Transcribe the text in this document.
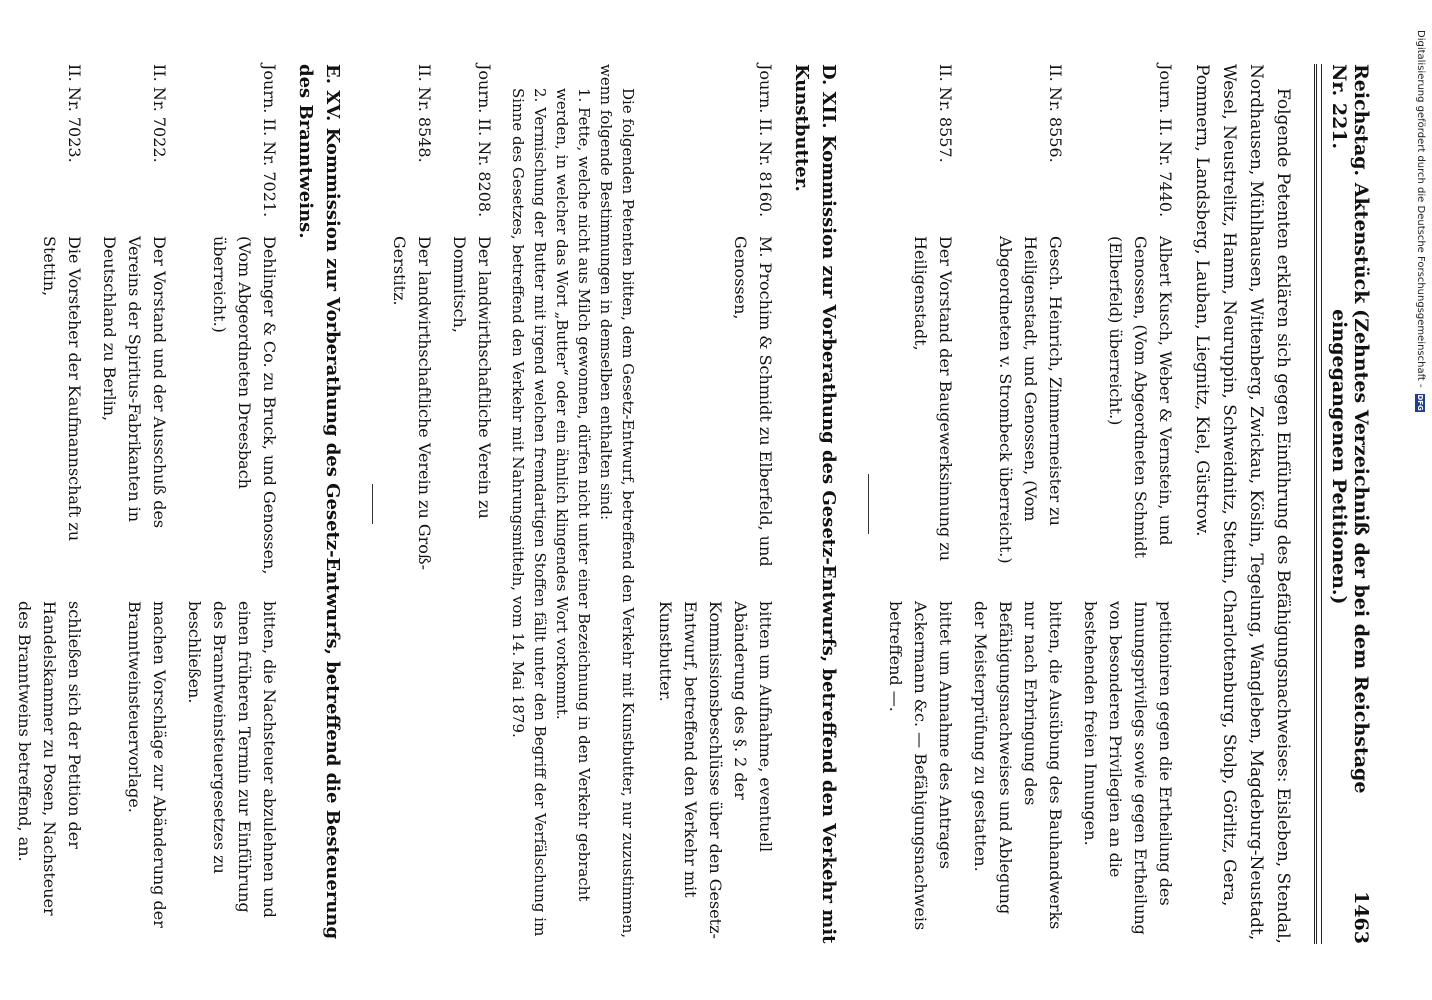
Digitalisierung gefördert durch die Deutsche Forschungsgemeinschaft -
DFG
Reichstag. Aktenstück Nr. 221.
(Zehntes Verzeichniß der bei dem Reichstage eingegangenen Petitionen.)
1463
Folgende Petenten erklären sich gegen Einführung des Befähigungsnachweises: Eisleben, Stendal, Nordhausen, Mühlhausen, Wittenberg, Zwickau, Köslin, Tegelung, Wangleben, Magdeburg-Neustadt, Wesel, Neustrelitz, Hamm, Neuruppin, Schweidnitz, Stettin, Charlottenburg, Stolp, Görlitz, Gera, Pommern, Landsberg, Lauban, Liegnitz, Kiel, Güstrow.
Journ. II. Nr. 7440.
Albert Kusch, Weber & Vernstein, und Genossen, (Vom Abgeordneten Schmidt (Elberfeld) überreicht.)
petitioniren gegen die Ertheilung des Innungsprivilegs sowie gegen Ertheilung von besonderen Privilegien an die bestehenden freien Innungen.
II. Nr. 8556.
Gesch. Heinrich, Zimmermeister zu Heiligenstadt, und Genossen, (Vom Abgeordneten v. Strombeck überreicht.)
bitten, die Ausübung des Bauhandwerks nur nach Erbringung des Befähigungsnachweises und Ablegung der Meisterprüfung zu gestatten.
II. Nr. 8557.
Der Vorstand der Baugewerksinnung zu Heiligenstadt,
bittet um Annahme des Antrages Ackermann &c. — Befähigungsnachweis betreffend —.
D. XII. Kommission zur Vorberathung des Gesetz-Entwurfs, betreffend den Verkehr mit Kunstbutter.
Journ. II. Nr. 8160.
M. Prochim & Schmidt zu Elberfeld, und Genossen,
bitten um Aufnahme, eventuell Abänderung des §. 2 der Kommissionsbeschlüsse über den Gesetz-Entwurf, betreffend den Verkehr mit Kunstbutter.
Die folgenden Petenten bitten, dem Gesetz-Entwurf, betreffend den Verkehr mit Kunstbutter, nur zuzustimmen, wenn folgende Bestimmungen in demselben enthalten sind:
1. Fette, welche nicht aus Milch gewonnen, dürfen nicht unter einer Bezeichnung in den Verkehr gebracht werden, in welcher das Wort „Butter“ oder ein ähnlich klingendes Wort vorkommt.
2. Vermischung der Butter mit irgend welchen fremdartigen Stoffen fällt unter den Begriff der Verfälschung im Sinne des Gesetzes, betreffend den Verkehr mit Nahrungsmitteln, vom 14. Mai 1879.
Journ. II. Nr. 8208.
Der landwirthschaftliche Verein zu Dommitsch,
II. Nr. 8548.
Der landwirthschaftliche Verein zu Groß-Gerstitz.
E. XV. Kommission zur Vorberathung des Gesetz-Entwurfs, betreffend die Besteuerung des Branntweins.
Journ. II. Nr. 7021.
Dehlinger & Co. zu Bruck, und Genossen, (Vom Abgeordneten Dreesbach überreicht.)
bitten, die Nachsteuer abzulehnen und einen früheren Termin zur Einführung des Branntweinsteuergesetzes zu beschließen.
II. Nr. 7022.
Der Vorstand und der Ausschuß des Vereins der Spiritus-Fabrikanten in Deutschland zu Berlin,
machen Vorschläge zur Abänderung der Branntweinsteuervorlage.
II. Nr. 7023.
Die Vorsteher der Kaufmannschaft zu Stettin,
schließen sich der Petition der Handelskammer zu Posen, Nachsteuer des Branntweins betreffend, an.
